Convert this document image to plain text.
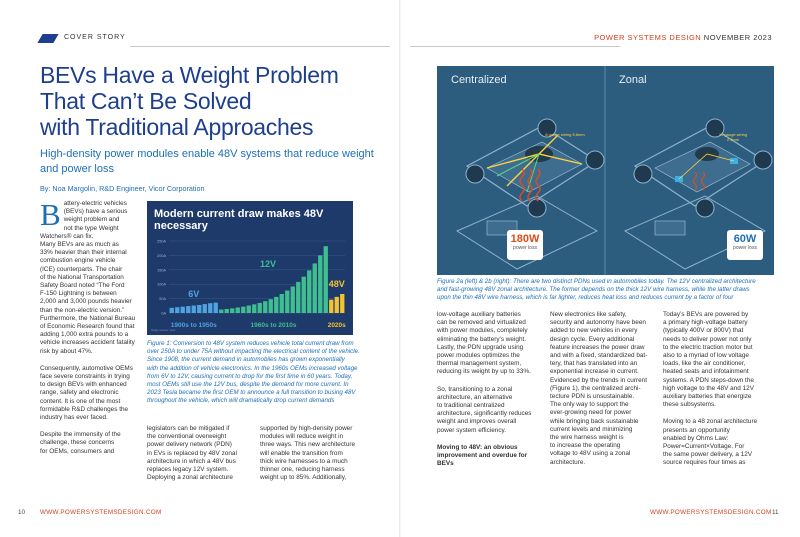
COVER STORY	POWER SYSTEMS DESIGN NOVEMBER 2023
BEVs Have a Weight Problem
That Can’t Be Solved
with Traditional Approaches
High-density power modules enable 48V systems that reduce weight and power loss
By: Noa Margolin, R&D Engineer, Vicor Corporation
B attery-electric vehicles
(BEVs) have a serious
weight problem and
not the type Weight
Watchers® can fix.
Many BEVs are as much as
33% heavier than their internal
combustion engine vehicle
(ICE) counterparts. The chair
of the National Transportation
Safety Board noted “The Ford
F-150 Lightning is between
2,000 and 3,000 pounds heavier
than the non-electric version.”
Furthermore, the National Bureau
of Economic Research found that
adding 1,000 extra pounds to a
vehicle increases accident fatality
risk by about 47%.
Consequently, automotive OEMs
face severe constraints in trying
to design BEVs with enhanced
range, safety and electronic
content. It is one of the most
formidable R&D challenges the
industry has ever faced.
Despite the immensity of the
challenge, these concerns
for OEMs, consumers and
Modern current draw makes 48V necessary
250A
200A
150A
100A
50A
0A
6V
12V
48V
1900s to 1950s	1960s to 2010s	2020s
Image source: vicor
Figure 1: Conversion to 48V system reduces vehicle total current draw from
over 250A to under 75A without impacting the electrical content of the vehicle.
Since 1908, the current demand in automobiles has grown exponentially
with the addition of vehicle electronics. In the 1960s OEMs increased voltage
from 6V to 12V, causing current to drop for the first time in 60 years. Today,
most OEMs still use the 12V bus, despite the demand for more current. In
2023 Tesla became the first OEM to announce a full transition to busing 48V
throughout the vehicle, which will dramatically drop current demands
legislators can be mitigated if
the conventional overweight
power delivery network (PDN)
in EVs is replaced by 48V zonal
architecture in which a 48V bus
replaces legacy 12V system.
Deploying a zonal architecture
supported by high-density power
modules will reduce weight in
three ways. This new architecture
will enable the transition from
thick wire harnesses to a much
thinner one, reducing harness
weight up to 85%. Additionally,
Centralized	Zonal
8 gauge wiring 5.8mm	10 gauge wiring 2.5mm
180W
power loss
60W
power loss
Figure 2a (left) & 2b (right): There are two distinct PDNs used in automobiles today. The 12V centralized architecture
and fast-growing 48V zonal architecture. The former depends on the thick 12V wire harness, while the latter draws
upon the thin 48V wire harness, which is far lighter, reduces heat loss and reduces current by a factor of four
low-voltage auxiliary batteries
can be removed and virtualized
with power modules, completely
eliminating the battery’s weight.
Lastly, the PDN upgrade using
power modules optimizes the
thermal management system,
reducing its weight by up to 33%.
So, transitioning to a zonal
architecture, an alternative
to traditional centralized
architecture, significantly reduces
weight and improves overall
power system efficiency.
Moving to 48V: an obvious
improvement and overdue for
BEVs
New electronics like safety,
security and autonomy have been
added to new vehicles in every
design cycle. Every additional
feature increases the power draw
and with a fixed, standardized bat-
tery, that has translated into an
exponential increase in current.
Evidenced by the trends in current
(Figure 1), the centralized archi-
tecture PDN is unsustainable.
The only way to support the
ever-growing need for power
while bringing back sustainable
current levels and minimizing
the wire harness weight is
to increase the operating
voltage to 48V using a zonal
architecture.
Today’s BEVs are powered by
a primary high-voltage battery
(typically 400V or 800V) that
needs to deliver power not only
to the electric traction motor but
also to a myriad of low voltage
loads, like the air conditioner,
heated seats and infotainment
systems. A PDN steps-down the
high voltage to the 48V and 12V
auxiliary batteries that energize
these subsystems.
Moving to a 48 zonal architecture
presents an opportunity
enabled by Ohms Law:
Power=Current×Voltage. For
the same power delivery, a 12V
source requires four times as
10 WWW.POWERSYSTEMSDESIGN.COM	WWW.POWERSYSTEMSDESIGN.COM 11
